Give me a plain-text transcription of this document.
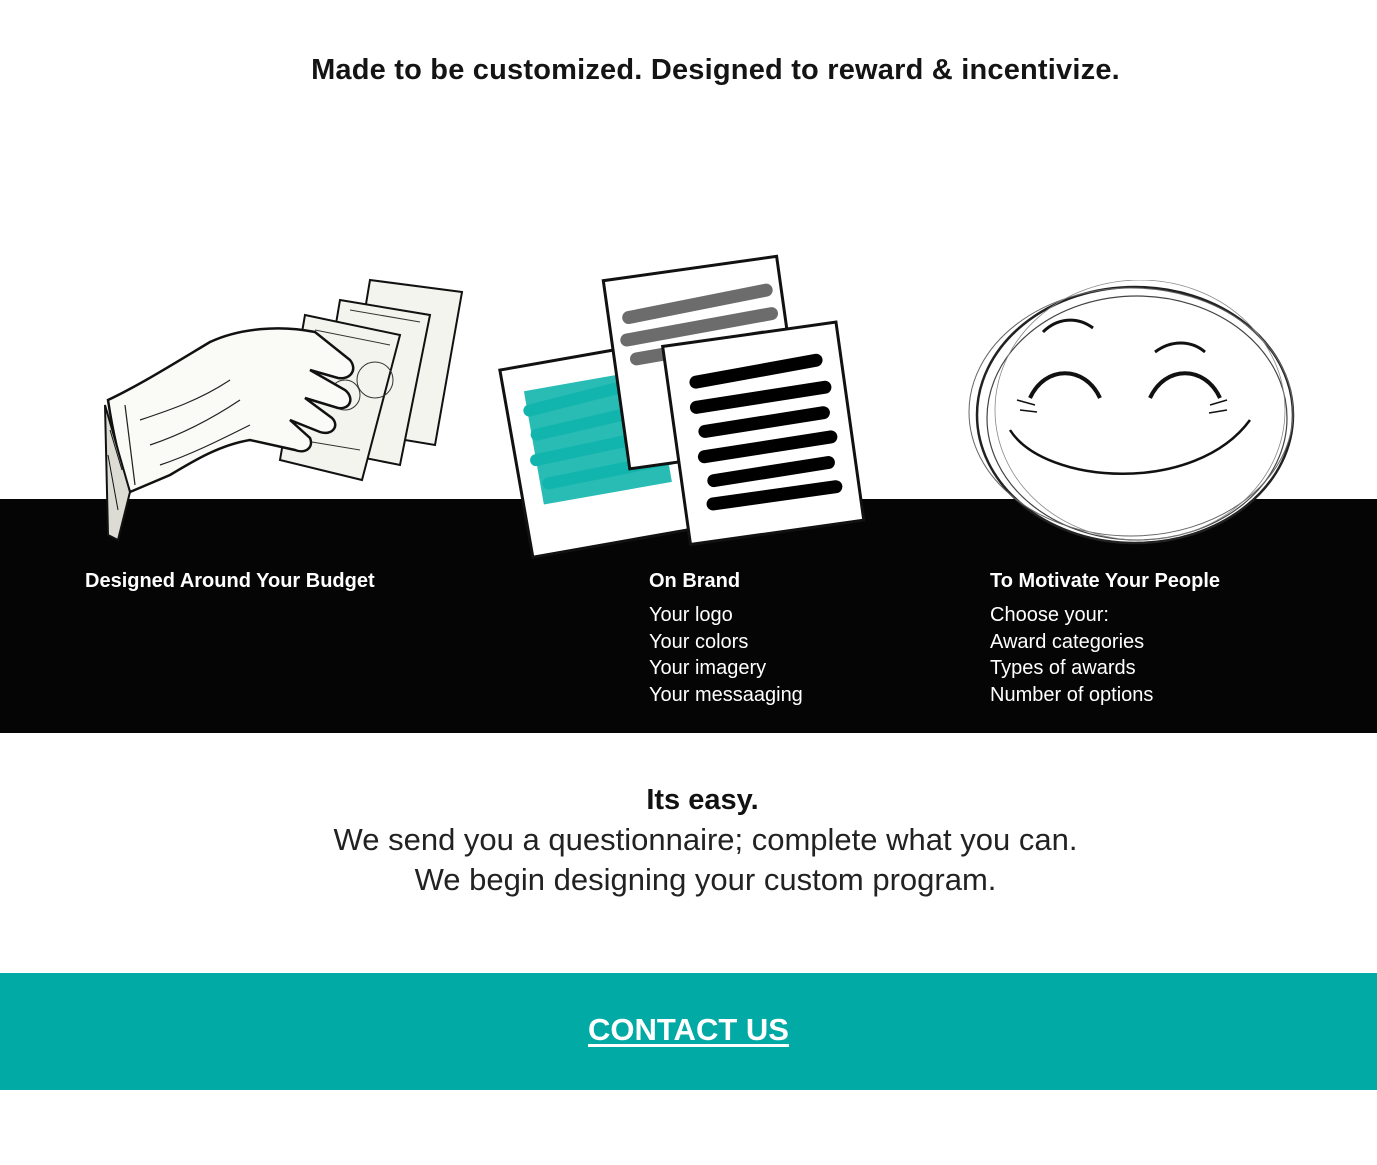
Made to be customized. Designed to reward & incentivize.
Designed Around Your Budget	On Brand
Your logo
Your colors
Your imagery
Your messaaging
To Motivate Your People
Choose your:
Award categories
Types of awards
Number of options
Its easy.
We send you a questionnaire; complete what you can.
We begin designing your custom program.
CONTACT US
